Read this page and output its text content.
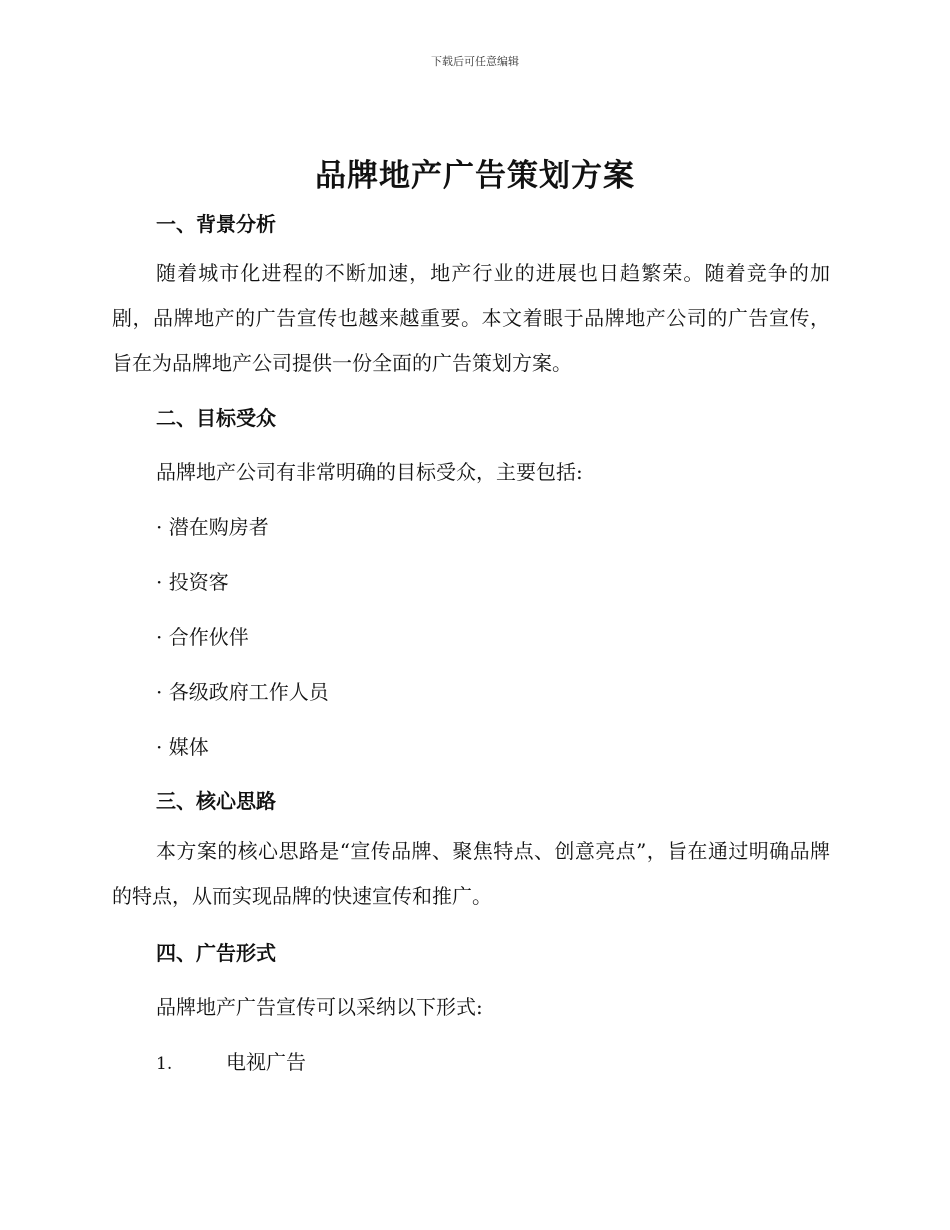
下载后可任意编辑
品牌地产广告策划方案
一、背景分析

随着城市化进程的不断加速，地产行业的进展也日趋繁荣。随着竞争的加剧，品牌地产的广告宣传也越来越重要。本文着眼于品牌地产公司的广告宣传，旨在为品牌地产公司提供一份全面的广告策划方案。

二、目标受众
品牌地产公司有非常明确的目标受众，主要包括:
· 潜在购房者
· 投资客
· 合作伙伴
· 各级政府工作人员
· 媒体
三、核心思路

本方案的核心思路是“宣传品牌、聚焦特点、创意亮点”，旨在通过明确品牌的特点，从而实现品牌的快速宣传和推广。

四、广告形式
品牌地产广告宣传可以采纳以下形式:
1.	电视广告
